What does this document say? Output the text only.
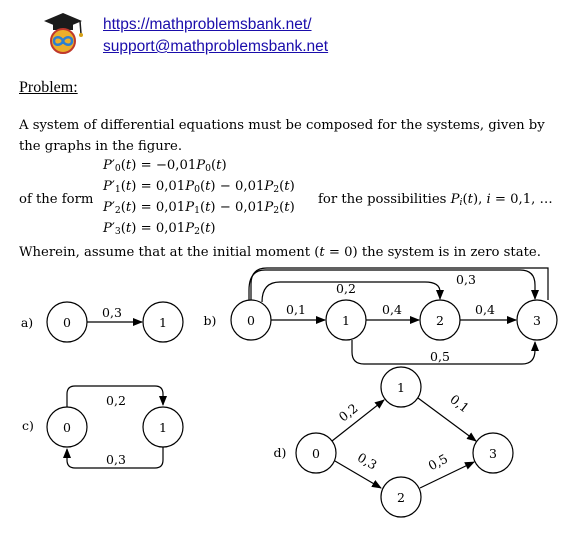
https://mathproblemsbank.net/
support@mathproblemsbank.net
Problem:
A system of differential equations must be composed for the systems, given by
the graphs in the figure.
$P'_0(t) = -0,01P_0(t)$
$P'_1(t) = 0,01P_0(t) - 0,01P_2(t)$
$P'_2(t) = 0,01P_1(t) - 0,01P_2(t)$
$P'_3(t) = 0,01P_2(t)$
of the form	for the possibilities $P_i(t)$, i = 0,1, …
Wherein, assume that at the initial moment (t = 0) the system is in zero state.
a)	b)
c)
d)
0	1
0,3
0	1	2	3
0,1	0,4	0,4
0,2
0,3
0,5
0	1
0,2
0,3	0
1
2
3
0,2	0,1
0,3	0,5
